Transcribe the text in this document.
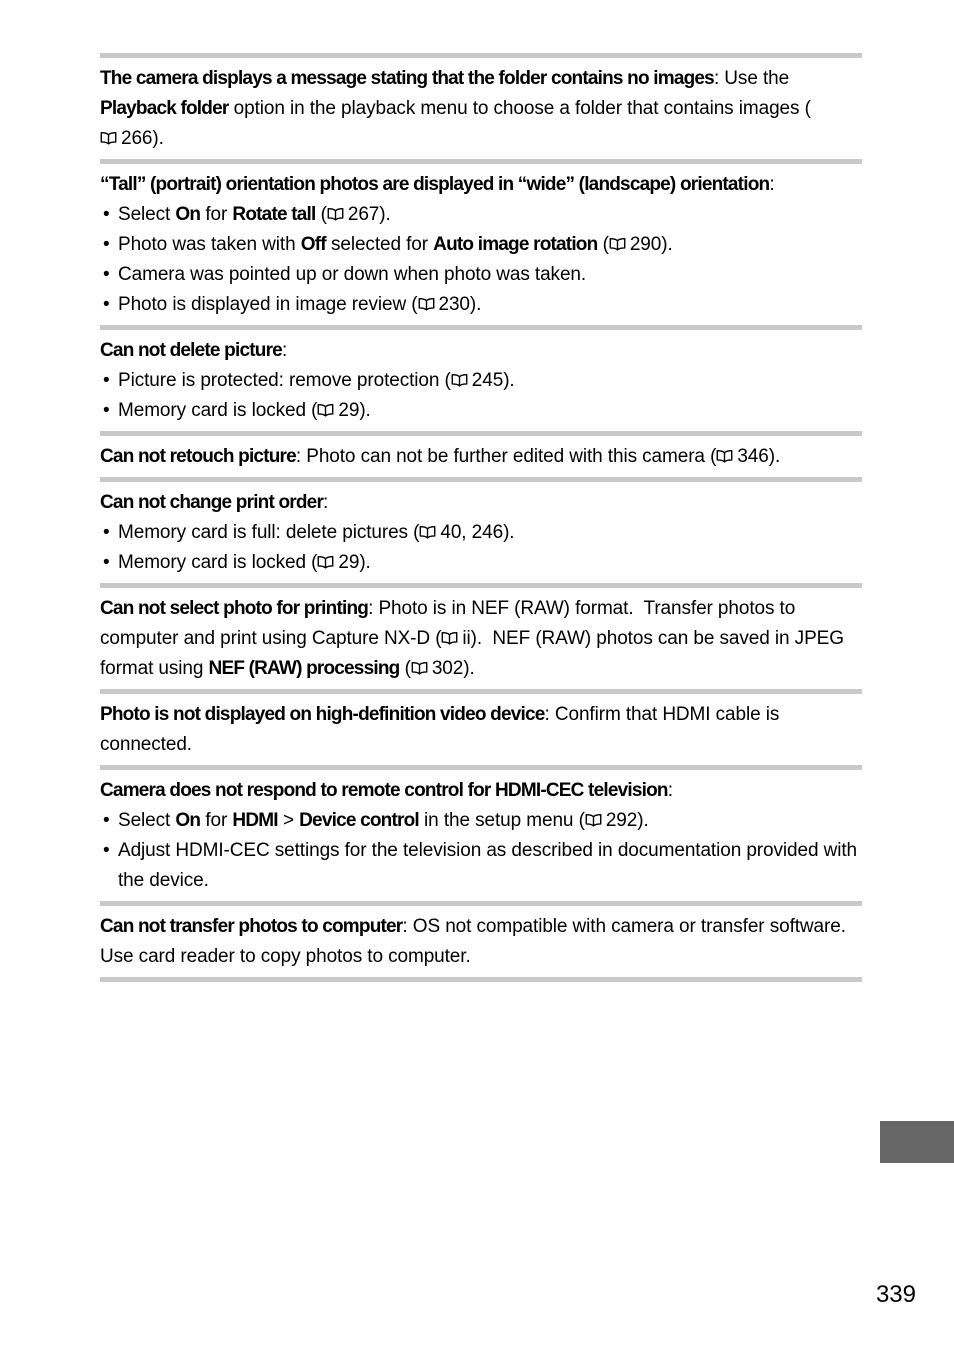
The camera displays a message stating that the folder contains no images: Use the Playback folder option in the playback menu to choose a folder that contains images (266).

“Tall” (portrait) orientation photos are displayed in “wide” (landscape) orientation:

• Select On for Rotate tall ( 267).
• Photo was taken with Off selected for Auto image rotation ( 290).
• Camera was pointed up or down when photo was taken.
• Photo is displayed in image review ( 230).

Can not delete picture:

• Picture is protected: remove protection ( 245).
• Memory card is locked ( 29).

Can not retouch picture: Photo can not be further edited with this camera ( 346).

Can not change print order:

• Memory card is full: delete pictures ( 40, 246).
• Memory card is locked ( 29).

Can not select photo for printing: Photo is in NEF (RAW) format.  Transfer photos to computer and print using Capture NX-D ( ii).  NEF (RAW) photos can be saved in JPEG format using NEF (RAW) processing ( 302).

Photo is not displayed on high-definition video device: Confirm that HDMI cable is connected.

Camera does not respond to remote control for HDMI-CEC television:

• Select On for HDMI > Device control in the setup menu ( 292).
• Adjust HDMI-CEC settings for the television as described in documentation provided with the device.

Can not transfer photos to computer: OS not compatible with camera or transfer software.  Use card reader to copy photos to computer.

339
